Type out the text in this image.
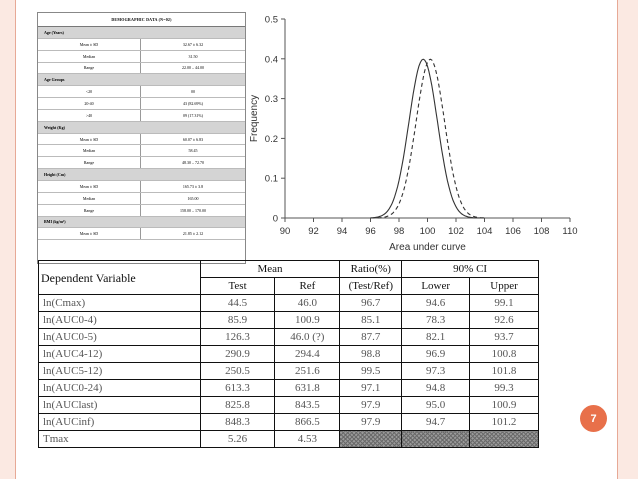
DEMOGRAPHIC DATA (N=02)
Age (Years)
Mean ± SD	32.67 ± 6.32
Median	31.50
Range	22.00 – 44.00
Age Groups
<20	00
20-40	43 (82.69%)
>40	09 (17.31%)
Weight (Kg)
Mean ± SD	60.07 ± 6.83
Median	58.45
Range	48.30 – 72.70
Height (Cm)
Mean ± SD	165.73 ± 3.8
Median	165.00
Range	158.00 – 170.00
BMI (kg/m²)
Mean ± SD	21.85 ± 2.12	90 92 94 96 98 100 102 104 106 108 110
0
0.1
0.2
0.3
0.4
0.5
Frequency
Area under curve
Dependent Variable	Mean		Ratio(%)	90% CI	
	Test	Ref	(Test/Ref)	Lower	Upper
ln(Cmax)	44.5	46.0	96.7	94.6	99.1
ln(AUC0-4)	85.9	100.9	85.1	78.3	92.6
ln(AUC0-5)	126.3	46.0 (?)	87.7	82.1	93.7
ln(AUC4-12)	290.9	294.4	98.8	96.9	100.8
ln(AUC5-12)	250.5	251.6	99.5	97.3	101.8
ln(AUC0-24)	613.3	631.8	97.1	94.8	99.3
ln(AUClast)	825.8	843.5	97.9	95.0	100.9
ln(AUCinf)	848.3	866.5	97.9	94.7	101.2
Tmax	5.26	4.53			
7
